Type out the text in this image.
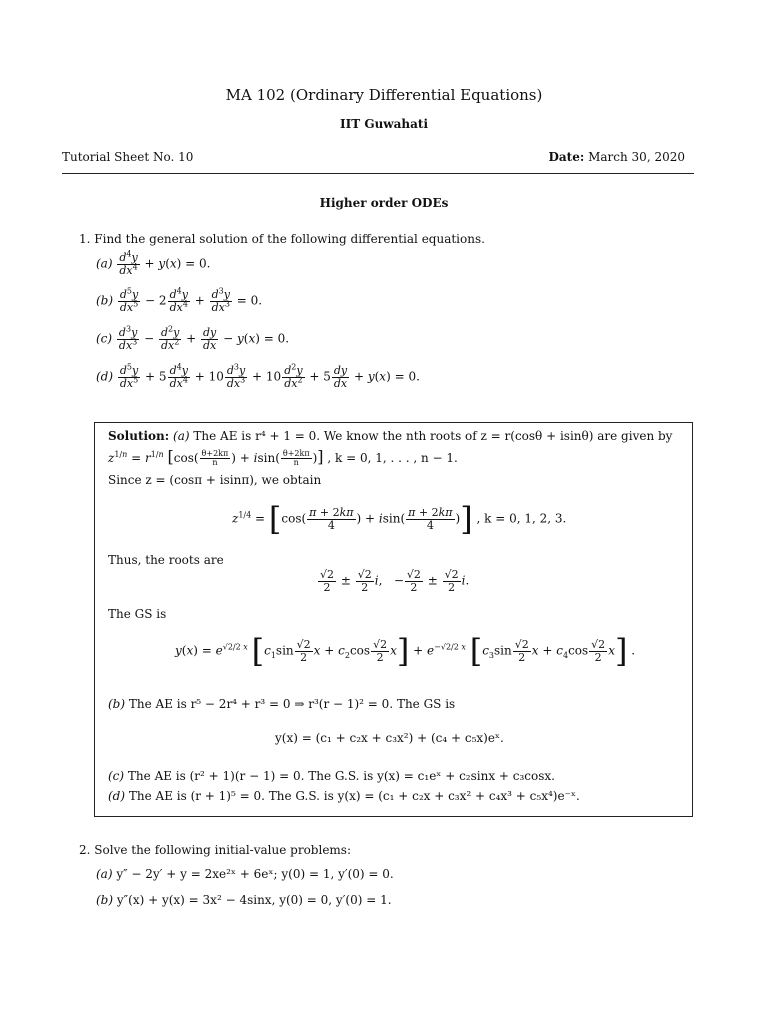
MA 102 (Ordinary Differential Equations)
IIT Guwahati
Tutorial Sheet No. 10	Date: March 30, 2020
Higher order ODEs
1. Find the general solution of the following differential equations.
$(a) \frac{d^4y}{dx^4} + y(x) = 0$.
$(b) \frac{d^5y}{dx^5} - 2 \frac{d^4y}{dx^4} + \frac{d^3y}{dx^3} = 0$.
$(c) \frac{d^3y}{dx^3} - \frac{d^2y}{dx^2} + \frac{dy}{dx} - y(x) = 0$.
$(d) \frac{d^5y}{dx^5} + 5 \frac{d^4y}{dx^4} + 10 \frac{d^3y}{dx^3} + 10 \frac{d^2y}{dx^2} + 5 \frac{dy}{dx} + y(x) = 0$.
Solution: (a) The AE is r⁴ + 1 = 0. We know the nth roots of z = r(cosθ + isinθ) are given by
$z^{1/n} = r^{1/n}$ [$\cos( \frac{\theta+2k\pi}{n}$ ) + $isin( \frac{\theta+2k\pi}{n}$ )] , k = 0, 1, . . . , n − 1.
Since z = (cosπ + isinπ), we obtain
$z^{1/4} = [\cos( \frac{\pi + 2k\pi}{4}$ ) + $isin( \frac{\pi + 2k\pi}{4}$ )] , k = 0, 1, 2, 3.
Thus, the roots are
$\frac{√2}{2} \pm \frac{√2}{2} i$,   − $\frac{√2}{2} \pm \frac{√2}{2} i$.
The GS is
$y(x) = e^{√2/2 x}$ [$c_1\sin \frac{√2}{2}$ $x + c_2\cos \frac{√2}{2} x] + e^{-√2/2 x}$ [$c_3\sin \frac{√2}{2}$ $x + c_4\cos \frac{√2}{2} x$] .
(b) The AE is r⁵ − 2r⁴ + r³ = 0 ⇒ r³(r − 1)² = 0. The GS is
y(x) = (c₁ + c₂x + c₃x²) + (c₄ + c₅x)eˣ.
(c) The AE is (r² + 1)(r − 1) = 0. The G.S. is y(x) = c₁eˣ + c₂sinx + c₃cosx.
(d) The AE is (r + 1)⁵ = 0. The G.S. is y(x) = (c₁ + c₂x + c₃x² + c₄x³ + c₅x⁴)e⁻ˣ.
2. Solve the following initial-value problems:
(a) y″ − 2y′ + y = 2xe²ˣ + 6eˣ; y(0) = 1, y′(0) = 0.
(b) y″(x) + y(x) = 3x² − 4sinx, y(0) = 0, y′(0) = 1.
